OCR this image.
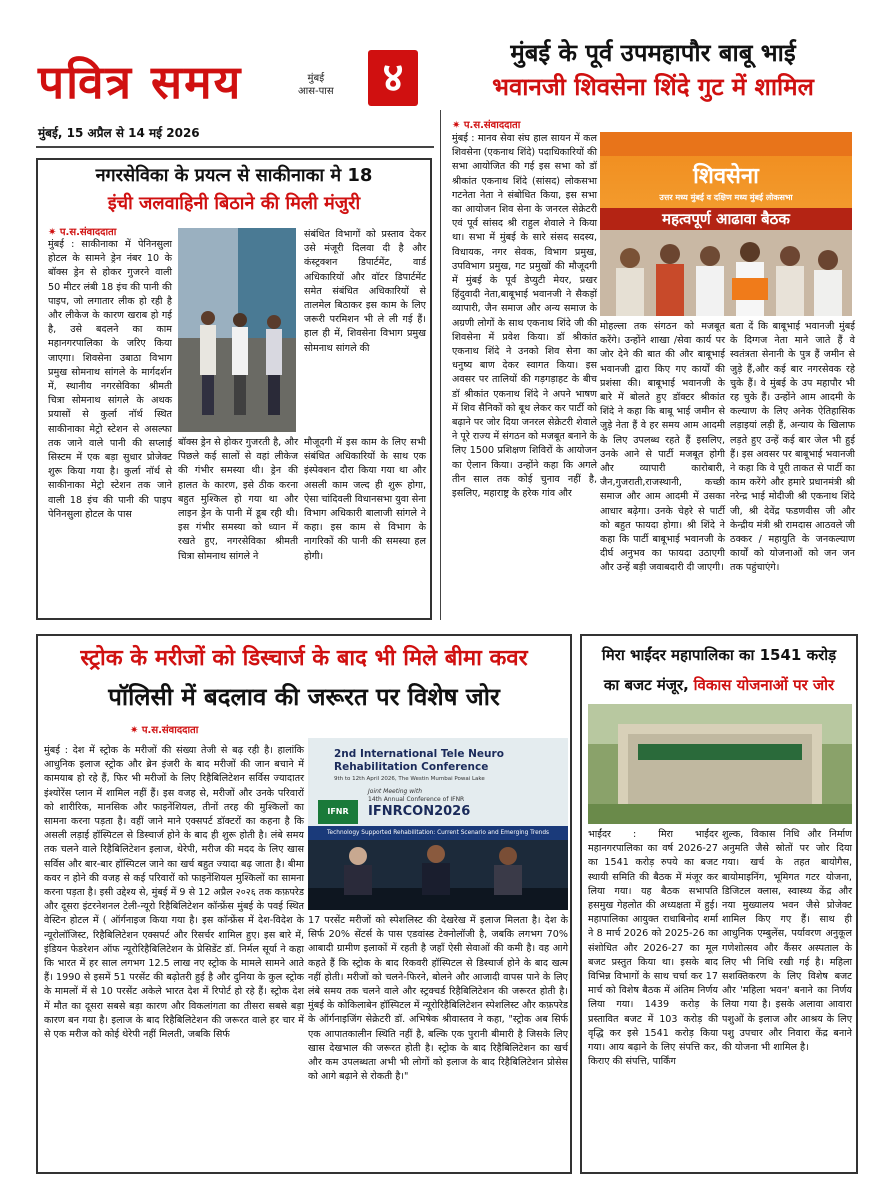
पवित्र समय	मुंबई
आस-पास	४
मुंबई, 15 अप्रैल से 14 मई 2026
मुंबई के पूर्व उपमहापौर बाबू भाई
भवानजी शिवसेना शिंदे गुट में शामिल
✷ प.स.संवाददाता
शिवसेना
उत्तर मध्य मुंबई व दक्षिण मध्य मुंबई लोकसभा
महत्वपूर्ण आढावा बैठक
मुंबई : मानव सेवा संघ हाल सायन में कल शिवसेना (एकनाथ शिंदे) पदाधिकारियों की सभा आयोजित की गई इस सभा को डॉ श्रीकांत एकनाथ शिंदे (सांसद) लोकसभा गटनेता नेता ने संबोधित किया, इस सभा का आयोजन शिव सेना के जनरल सेक्रेटरी एवं पूर्व सांसद श्री राहुल शेवाले ने किया था। सभा में मुंबई के सारे संसद सदस्य, विधायक, नगर सेवक, विभाग प्रमुख, उपविभाग प्रमुख, गट प्रमुखों की मौजूदगी में मुंबई के पूर्व डेप्युटी मेयर, प्रखर हिंदुवादी नेता,बाबूभाई भवानजी ने सैकड़ों व्यापारी, जैन समाज और अन्य समाज के अग्रणी लोगों के साथ एकनाथ शिंदे जी की शिवसेना में प्रवेश किया। डॉ श्रीकांत एकनाथ शिंदे ने उनको शिव सेना का धनुष्य बाण देकर स्वागत किया। इस अवसर पर तालियों की गड़गड़ाहट के बीच डॉ श्रीकांत एकनाथ शिंदे ने अपने भाषण में शिव सैनिकों को बूथ लेकर कर पार्टी को बढ़ाने पर जोर दिया जनरल सेक्रेटरी शेवाले ने पूरे राज्य में संगठन को मजबूत बनाने के लिए 1500 प्रशिक्षण शिविरों के आयोजन का ऐलान किया। उन्होंने कहा कि अगले तीन साल तक कोई चुनाव नहीं है, इसलिए, महाराष्ट्र के हरेक गांव और
मोहल्ला तक संगठन को मजबूत करेंगे। उन्होंने शाखा /सेवा कार्य पर जोर देने की बात की और बाबूभाई भवानजी द्वारा किए गए कार्यों की प्रशंसा की। बाबूभाई भवानजी के बारे में बोलते हुए डॉक्टर श्रीकांत शिंदे ने कहा कि बाबू भाई जमीन से जुड़े नेता हैं वे हर समय आम आदमी के लिए उपलब्ध रहते हैं इसलिए, उनके आने से पार्टी मजबूत होगी और व्यापारी कारोबारी, जैन,गुजराती,राजस्थानी, कच्छी समाज और आम आदमी में उसका आधार बढ़ेगा। उनके चेहरे से पार्टी को बहुत फायदा होगा। श्री शिंदे ने कहा कि पार्टी बाबूभाई भवानजी के दीर्घ अनुभव का फायदा उठाएगी और उन्हें बड़ी जवाबदारी दी जाएगी।
बता दें कि बाबूभाई भवानजी मुंबई के दिग्गज नेता माने जाते हैं वे स्वतंत्रता सेनानी के पुत्र हैं जमीन से जुड़े हैं,और कई बार नगरसेवक रहे चुके हैं। वे मुंबई के उप महापौर भी रह चुके हैं। उन्होंने आम आदमी के कल्याण के लिए अनेक ऐतिहासिक लड़ाइयां लड़ी हैं, अन्याय के खिलाफ लड़ते हुए उन्हें कई बार जेल भी हुई हैं। इस अवसर पर बाबूभाई भवानजी ने कहा कि वे पूरी ताकत से पार्टी का काम करेंगे और हमारे प्रधानमंत्री श्री नरेन्द्र भाई मोदीजी श्री एकनाथ शिंदे जी, श्री देवेंद्र फडणवीस जी और केन्द्रीय मंत्री श्री रामदास आठवले जी ठक्कर / महायुति के जनकल्याण कार्यों को योजनाओं को जन जन तक पहुंचाएंगे।
नगरसेविका के प्रयत्न से साकीनाका मे 18
इंची जलवाहिनी बिठाने की मिली मंजुरी
✷ प.स.संवाददाता
मुंबई : साकीनाका में पेनिनसुला होटल के सामने ड्रेन नंबर 10 के बॉक्स ड्रेन से होकर गुजरने वाली 50 मीटर लंबी 18 इंच की पानी की पाइप, जो लगातार लीक हो रही है और लीकेज के कारण खराब हो गई है, उसे बदलने का काम महानगरपालिका के जरिए किया जाएगा। शिवसेना उबाठा विभाग प्रमुख सोमनाथ सांगले के मार्गदर्शन में, स्थानीय नगरसेविका श्रीमती चित्रा सोमनाथ सांगले के अथक प्रयासों से कुर्ला नॉर्थ स्थित साकीनाका मेट्रो स्टेशन से असल्फा तक जाने वाले पानी की सप्लाई सिस्टम में एक बड़ा सुधार प्रोजेक्ट शुरू किया गया है। कुर्ला नॉर्थ से साकीनाका मेट्रो स्टेशन तक जाने वाली 18 इंच की पानी की पाइप पेनिनसुला होटल के पास
बॉक्स ड्रेन से होकर गुजरती है, और पिछले कई सालों से वहां लीकेज की गंभीर समस्या थी। ड्रेन की हालत के कारण, इसे ठीक करना बहुत मुश्किल हो गया था और लाइन ड्रेन के पानी में डूब रही थी। इस गंभीर समस्या को ध्यान में रखते हुए, नगरसेविका श्रीमती चित्रा सोमनाथ सांगले ने
संबंधित विभागों को प्रस्ताव देकर उसे मंजूरी दिलवा दी है और कंस्ट्रक्शन डिपार्टमेंट, वार्ड अधिकारियों और वाॅटर डिपार्टमेंट समेत संबंधित अधिकारियों से तालमेल बिठाकर इस काम के लिए जरूरी परमिशन भी ले ली गई हैं। हाल ही में, शिवसेना विभाग प्रमुख सोमनाथ सांगले की
मौजूदगी में इस काम के लिए सभी संबंधित अधिकारियों के साथ एक इंस्पेक्शन दौरा किया गया था और असली काम जल्द ही शुरू होगा, ऐसा चांदिवली विधानसभा युवा सेना विभाग अधिकारी बालाजी सांगले ने कहा। इस काम से विभाग के नागरिकों की पानी की समस्या हल होगी।
स्ट्रोक के मरीजों को डिस्चार्ज के बाद भी मिले बीमा कवर
पॉलिसी में बदलाव की जरूरत पर विशेष जोर
✷ प.स.संवाददाता
2nd International Tele Neuro
Rehabilitation Conference
9th to 12th April 2026, The Westin Mumbai Powai Lake
Joint Meeting with
14th Annual Conference of IFNR
IFNRCON2026
IFNR
Technology Supported Rehabilitation: Current Scenario and Emerging Trends
मुंबई : देश में स्ट्रोक के मरीजों की संख्या तेजी से बढ़ रही है। हालांकि आधुनिक इलाज स्ट्रोक और ब्रेन इंजरी के बाद मरीजों की जान बचाने में कामयाब हो रहे हैं, फिर भी मरीजों के लिए रिहैबिलिटेशन सर्विस ज्यादातर इंश्योरेंस प्लान में शामिल नहीं हैं। इस वजह से, मरीजों और उनके परिवारों को शारीरिक, मानसिक और फाइनेंशियल, तीनों तरह की मुश्किलों का सामना करना पड़ता है। वहीं जाने माने एक्सपर्ट डॉक्टरों का कहना है कि असली लड़ाई हॉस्पिटल से डिस्चार्ज होने के बाद ही शुरू होती है। लंबे समय तक चलने वाले रिहैबिलिटेशन इलाज, थेरेपी, मरीज की मदद के लिए खास सर्विस और बार-बार हॉस्पिटल जाने का खर्च बहुत ज्यादा बढ़ जाता है। बीमा कवर न होने की वजह से कई परिवारों को फाइनेंशियल मुश्किलों का सामना करना पड़ता है। इसी उद्देश्य से, मुंबई में 9 से 12 अप्रैल २०२६ तक कफ़परेड और दूसरा इंटरनेशनल टेली-न्यूरो रिहैबिलिटेशन कॉन्फ्रेंस मुंबई के पवई स्थित वेस्टिन होटल में ( ऑर्गनाइज किया गया है। इस कॉन्फ्रेंस में देश-विदेश के न्यूरोलॉजिस्ट, रिहैबिलिटेशन एक्सपर्ट और रिसर्चर शामिल हुए। इस बारे में, इंडियन फेडरेशन ऑफ न्यूरोरिहैबिलिटेशन के प्रेसिडेंट डॉ. निर्मल सूर्या ने कहा कि भारत में हर साल लगभग 12.5 लाख नए स्ट्रोक के मामले सामने आते हैं। 1990 से इसमें 51 परसेंट की बढ़ोतरी हुई है और दुनिया के कुल स्ट्रोक के मामलों में से 10 परसेंट अकेले भारत देश में रिपोर्ट हो रहे हैं। स्ट्रोक देश में मौत का दूसरा सबसे बड़ा कारण और विकलांगता का तीसरा सबसे बड़ा कारण बन गया है। इलाज के बाद रिहैबिलिटेशन की जरूरत वाले हर चार में से एक मरीज को कोई थेरेपी नहीं मिलती, जबकि सिर्फ
17 परसेंट मरीजों को स्पेशलिस्ट की देखरेख में इलाज मिलता है। देश के सिर्फ 20% सेंटर्स के पास एडवांस्ड टेक्नोलॉजी है, जबकि लगभग 70% आबादी ग्रामीण इलाकों में रहती है जहाँ ऐसी सेवाओं की कमी है। वह आगे कहते हैं कि स्ट्रोक के बाद रिकवरी हॉस्पिटल से डिस्चार्ज होने के बाद खत्म नहीं होती। मरीजों को चलने-फिरने, बोलने और आजादी वापस पाने के लिए लंबे समय तक चलने वाले और स्ट्रक्चर्ड रिहैबिलिटेशन की जरूरत होती है। मुंबई के कोकिलाबेन हॉस्पिटल में न्यूरोरिहैबिलिटेशन स्पेशलिस्ट और कफ़परेड के ऑर्गनाइजिंग सेक्रेटरी डॉ. अभिषेक श्रीवास्तव ने कहा, "स्ट्रोक अब सिर्फ एक आपातकालीन स्थिति नहीं है, बल्कि एक पुरानी बीमारी है जिसके लिए खास देखभाल की जरूरत होती है। स्ट्रोक के बाद रिहैबिलिटेशन का खर्च और कम उपलब्धता अभी भी लोगों को इलाज के बाद रिहैबिलिटेशन प्रोसेस को आगे बढ़ाने से रोकती है।"
मिरा भाईंदर महापालिका का 1541 करोड़
का बजट मंजूर, विकास योजनाओं पर जोर
भाईंदर : मिरा भाईंदर महानगरपालिका का वर्ष 2026-27 का 1541 करोड़ रुपये का बजट स्थायी समिति की बैठक में मंजूर कर लिया गया। यह बैठक सभापति हसमुख गेहलोत की अध्यक्षता में हुई। महापालिका आयुक्त राधाबिनोद शर्मा ने 8 मार्च 2026 को 2025-26 का संशोधित और 2026-27 का मूल बजट प्रस्तुत किया था। इसके बाद विभिन्न विभागों के साथ चर्चा कर 17 मार्च को विशेष बैठक में अंतिम निर्णय लिया गया। 1439 करोड़ के प्रस्तावित बजट में 103 करोड़ की वृद्धि कर इसे 1541 करोड़ किया गया। आय बढ़ाने के लिए संपत्ति कर, किराए की संपत्ति, पार्किंग
शुल्क, विकास निधि और निर्माण अनुमति जैसे स्रोतों पर जोर दिया गया। खर्च के तहत बायोगैस, बायोमाइनिंग, भूमिगत गटर योजना, डिजिटल क्लास, स्वास्थ्य केंद्र और नया मुख्यालय भवन जैसे प्रोजेक्ट शामिल किए गए हैं। साथ ही आधुनिक एम्बुलेंस, पर्यावरण अनुकूल गणेशोत्सव और कैंसर अस्पताल के लिए भी निधि रखी गई है। महिला सशक्तिकरण के लिए विशेष बजट और 'महिला भवन' बनाने का निर्णय लिया गया है। इसके अलावा आवारा पशुओं के इलाज और आश्रय के लिए पशु उपचार और निवारा केंद्र बनाने की योजना भी शामिल है।
